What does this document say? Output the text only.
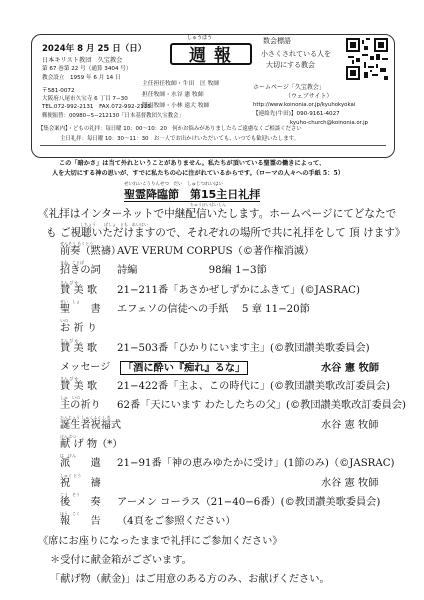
2024年 8 月 25 日（日）
しゅうほう
週報
数会標語
日本キリスト教団　久宝教会
第 67 巻第 22 号（通算 3404 号）
教会設立　1959 年 6 月 14 日
〒581-0072
大阪府八尾市久宝寺 6 丁目 7−30
TEL.072-992-2131　FAX.072-992-2135
郵便振替：00980−5−212130「日本基督教団久宝教会」
主任担任牧師・牛田　匡 牧師
担任牧師・水谷 憲 牧師
隠退牧師・小林 遠大 牧師
小さくされている人を
大切にする教会
ホームページ「久宝教会」
（ウェブサイト）
http://www.koinonia.or.jp/kyuhokyokai
【連絡先(牛田)】090-9161-4027
kyuho-church@koinonia.or.jp
【集会案内】・どもの礼拝：毎日曜 10：00～10：20　何かお悩みがありましたらご遠慮なくご相談ください
主日礼拝：毎日曜 10：30～11：30　お一人でお出かけいただいても、いつでも歓迎いたします。
この「暗かさ」は当て外れということがありません。私たちが頂いている聖霊の働きによって、
人を大切にする神の思いが、すでに私たちの心に注がれているからです。（ローマの人々への手紙 5：5）
せいれいこうりんせつ　だい　しゅじつれいはい
聖霊降臨節　第15主日礼拝
ちゅうけいはいしん
しちょう　　ばしょ　とも　れいはい
《礼拝はインターネットで中継配信いたします。ホームページにてどなたで
も ご視聴いただけますので、それぞれの場所で共に礼拝をして 頂 けます》
ぜんそう もくとう
前奏（黙禱）
AVE VERUM CORPUS（©著作権消滅）
まね　ことば
招きの詞 詩編　　　　　　　98編 1−3節
さん び か
賛 美 歌 21−211番「あさかぜしずかにふきて」(©JASRAC)
せい　しょ
聖　　書 エフェソの信徒への手紙　 5 章 11−20節
いの
お 祈 り
さん び か
賛 美 歌 21−503番「ひかりにいます主」(©教団讃美歌委員会)
メッセージ 「酒に酔い『痴れ』るな」	水谷 憲 牧師
さん び か
賛 美 歌 21−422番「主よ、この時代に」(©教団讃美歌改訂委員会)
しゅ　いの
主の祈り 62番「天にいます わたしたちの父」(©教団讃美歌改訂委員会)
たんじょう しゅくふく しき
誕生者祝福式	水谷 憲 牧師
けんぷつ
献 げ 物（*）
は　けん
派　　遣 21−91番「神の恵みゆたかに受け」(1節のみ)（©JASRAC)
しゅく とう
祝　　禱	水谷 憲 牧師
こう　そう
後　　奏 アーメン コーラス（21−40−6番）(©教団讃美歌委員会)
ほう　こく
報　　告 （4頁をご参照ください）
《席にお座りになったままで礼拝にご参加ください》
＊受付に献金箱がございます。
「献げ物（献金)」はご用意のある方のみ、お献げください。
